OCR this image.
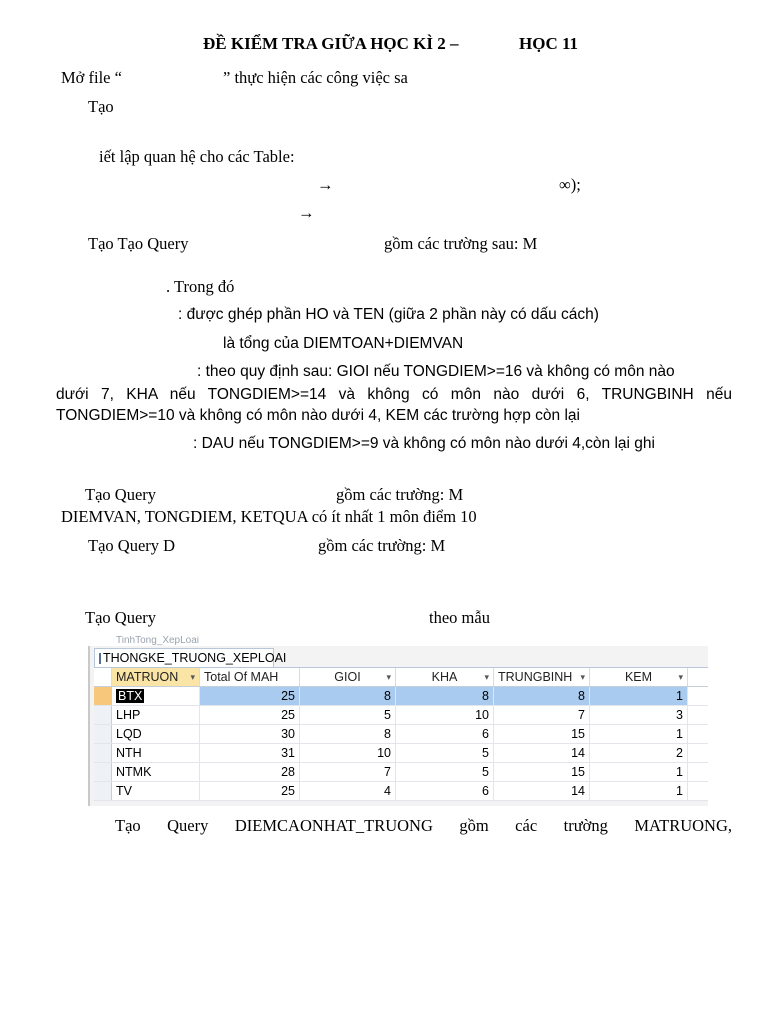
ĐỀ KIỂM TRA GIỮA HỌC KÌ 2 –	HỌC 11
Mở file “	” thực hiện các công việc sa
Tạo
iết lập quan hệ cho các Table:
→	∞);
→
Tạo Tạo Query	gồm các trường sau: M
. Trong đó
: được ghép phần HO và TEN (giữa 2 phần này có dấu cách)
là tổng của DIEMTOAN+DIEMVAN
: theo quy định sau: GIOI nếu TONGDIEM>=16 và không có môn nào
dưới 7, KHA nếu TONGDIEM>=14 và không có môn nào dưới 6, TRUNGBINH nếu
TONGDIEM>=10 và không có môn nào dưới 4, KEM các trường hợp còn lại
: DAU nếu TONGDIEM>=9 và không có môn nào dưới 4,còn lại ghi
Tạo Query	gồm các trường: M
DIEMVAN, TONGDIEM, KETQUA có ít nhất 1 môn điểm 10
Tạo Query D	gồm các trường: M
Tạo Query	theo mẫu
TinhTong_XepLoai
THONGKE_TRUONG_XEPLOAI
MATRUON ▾ Total Of MAH	GIOI	▾	KHA	▾ TRUNGBINH ▾	KEM	▾
BTX	25	8	8	8	1
LHP	25	5	10	7	3
LQD	30	8	6	15	1
NTH	31	10	5	14	2
NTMK	28	7	5	15	1
TV	25	4	6	14	1
Tạo Query DIEMCAONHAT_TRUONG gồm các trường MATRUONG,
